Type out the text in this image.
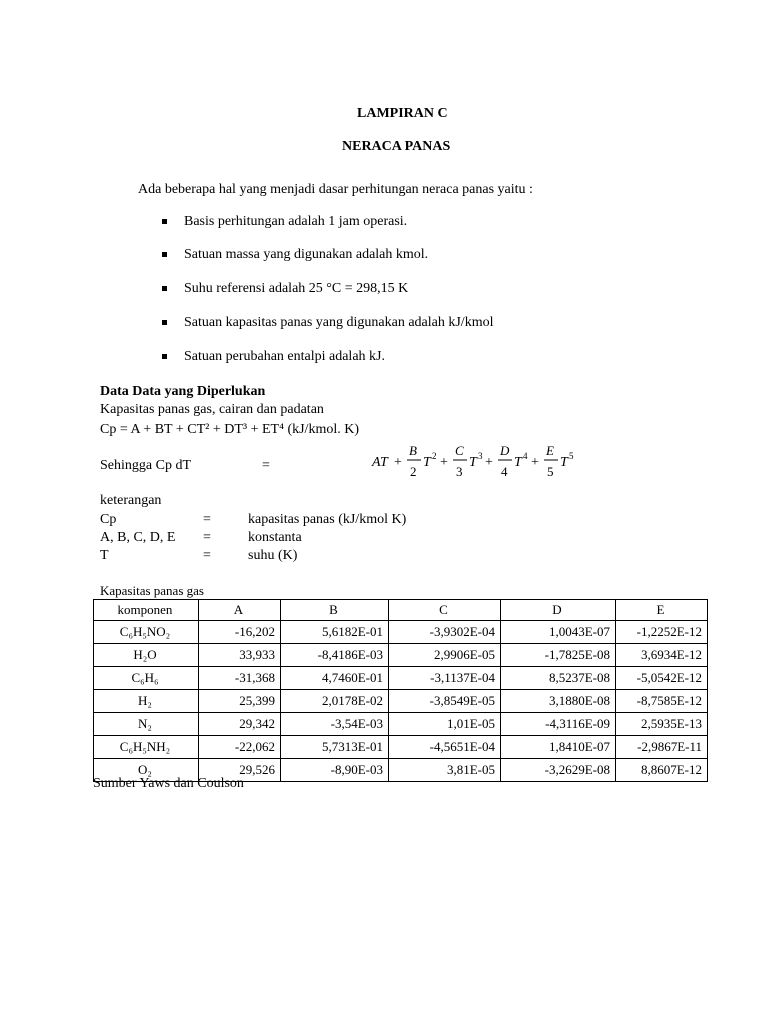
LAMPIRAN C
NERACA PANAS
Ada beberapa hal yang menjadi dasar perhitungan neraca panas yaitu :
Basis perhitungan adalah 1 jam operasi.
Satuan massa yang digunakan adalah kmol.
Suhu referensi adalah 25 °C = 298,15 K
Satuan kapasitas panas yang digunakan adalah kJ/kmol
Satuan perubahan entalpi adalah kJ.
Data Data yang Diperlukan
Kapasitas panas gas, cairan dan padatan
Cp = A + BT + CT² + DT³ + ET⁴ (kJ/kmol. K)
Sehingga Cp dT	=	AT +
B
2
T 2 +
C
3
T 3 +
D
4
T 4 +
E
5
T 5
keterangan
Cp	=	kapasitas panas (kJ/kmol K)
A, B, C, D, E =	konstanta
T	=	suhu (K)
Kapasitas panas gas
komponen	A	B	C	D	E
C₆H₅NO₂	-16,202	5,6182E-01	-3,9302E-04	1,0043E-07	-1,2252E-12
H₂O	33,933	-8,4186E-03	2,9906E-05	-1,7825E-08	3,6934E-12
C₆H₆	-31,368	4,7460E-01	-3,1137E-04	8,5237E-08	-5,0542E-12
H₂	25,399	2,0178E-02	-3,8549E-05	3,1880E-08	-8,7585E-12
N₂	29,342	-3,54E-03	1,01E-05	-4,3116E-09	2,5935E-13
C₆H₅NH₂	-22,062	5,7313E-01	-4,5651E-04	1,8410E-07	-2,9867E-11
O₂	29,526	-8,90E-03	3,81E-05	-3,2629E-08	8,8607E-12
Sumber Yaws dan Coulson
